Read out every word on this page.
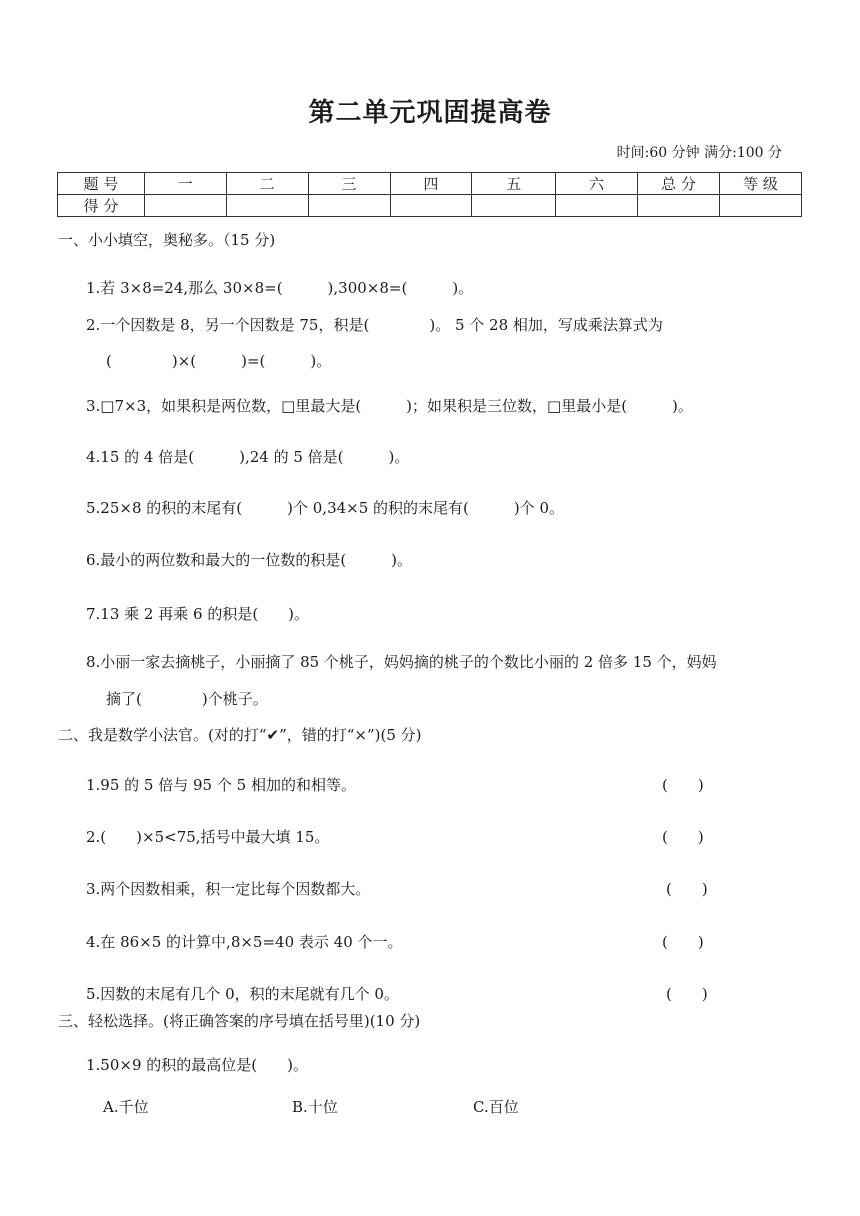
第二单元巩固提高卷
时间:60 分钟 满分:100 分
题 号	一	二	三	四	五	六	总 分	等 级
得 分								
一、小小填空，奥秘多。（15 分)
1.若 3×8=24,那么 30×8=(　　　),300×8=(　　　)。
2.一个因数是 8，另一个因数是 75，积是(　　　　)。 5 个 28 相加，写成乘法算式为
(　　　　)×(　　　)=(　　　)。
3.□7×3，如果积是两位数，□里最大是(　　　)；如果积是三位数，□里最小是(　　　)。
4.15 的 4 倍是(　　　),24 的 5 倍是(　　　)。
5.25×8 的积的末尾有(　　　)个 0,34×5 的积的末尾有(　　　)个 0。
6.最小的两位数和最大的一位数的积是(　　　)。
7.13 乘 2 再乘 6 的积是(　　)。
8.小丽一家去摘桃子，小丽摘了 85 个桃子，妈妈摘的桃子的个数比小丽的 2 倍多 15 个，妈妈
摘了(　　　　)个桃子。
二、我是数学小法官。(对的打“✔”，错的打“×”)(5 分)
1.95 的 5 倍与 95 个 5 相加的和相等。	(　　)
2.(　　)×5<75,括号中最大填 15。	(　　)
3.两个因数相乘，积一定比每个因数都大。	(　　)
4.在 86×5 的计算中,8×5=40 表示 40 个一。	(　　)
5.因数的末尾有几个 0，积的末尾就有几个 0。	(　　)
三、轻松选择。(将正确答案的序号填在括号里)(10 分)
1.50×9 的积的最高位是(　　)。
A.千位	B.十位	C.百位
